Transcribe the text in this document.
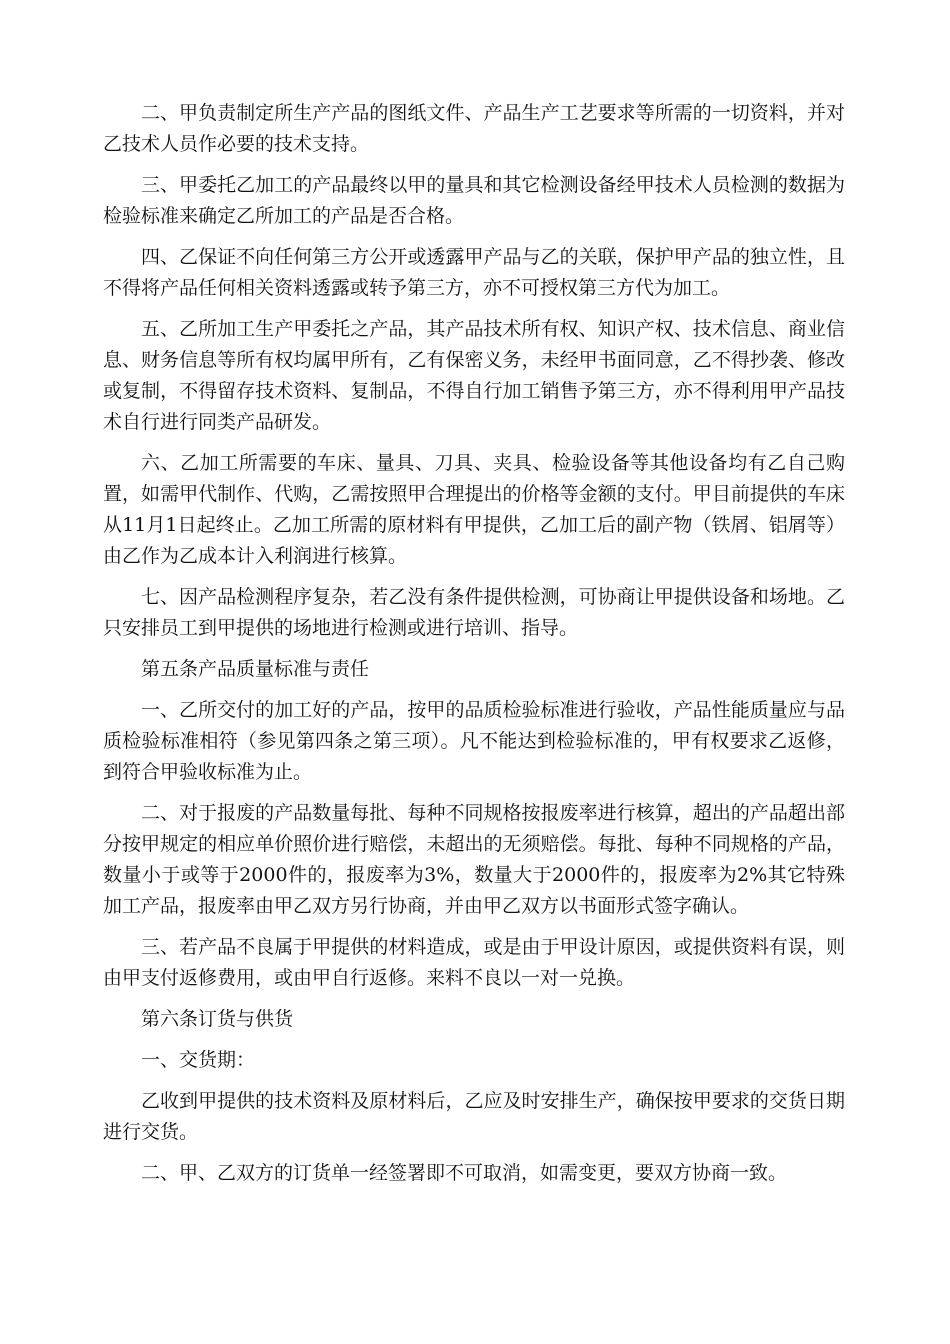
二、甲负责制定所生产产品的图纸文件、产品生产工艺要求等所需的一切资料，并对乙技术人员作必要的技术支持。

三、甲委托乙加工的产品最终以甲的量具和其它检测设备经甲技术人员检测的数据为检验标准来确定乙所加工的产品是否合格。

四、乙保证不向任何第三方公开或透露甲产品与乙的关联，保护甲产品的独立性，且不得将产品任何相关资料透露或转予第三方，亦不可授权第三方代为加工。

五、乙所加工生产甲委托之产品，其产品技术所有权、知识产权、技术信息、商业信息、财务信息等所有权均属甲所有，乙有保密义务，未经甲书面同意，乙不得抄袭、修改或复制，不得留存技术资料、复制品，不得自行加工销售予第三方，亦不得利用甲产品技术自行进行同类产品研发。

六、乙加工所需要的车床、量具、刀具、夹具、检验设备等其他设备均有乙自己购置，如需甲代制作、代购，乙需按照甲合理提出的价格等金额的支付。甲目前提供的车床从11月1日起终止。乙加工所需的原材料有甲提供，乙加工后的副产物（铁屑、铝屑等）由乙作为乙成本计入利润进行核算。

七、因产品检测程序复杂，若乙没有条件提供检测，可协商让甲提供设备和场地。乙只安排员工到甲提供的场地进行检测或进行培训、指导。

第五条产品质量标准与责任

一、乙所交付的加工好的产品，按甲的品质检验标准进行验收，产品性能质量应与品质检验标准相符（参见第四条之第三项）。凡不能达到检验标准的，甲有权要求乙返修，到符合甲验收标准为止。

二、对于报废的产品数量每批、每种不同规格按报废率进行核算，超出的产品超出部分按甲规定的相应单价照价进行赔偿，未超出的无须赔偿。每批、每种不同规格的产品，数量小于或等于2000件的，报废率为3%，数量大于2000件的，报废率为2%其它特殊加工产品，报废率由甲乙双方另行协商，并由甲乙双方以书面形式签字确认。

三、若产品不良属于甲提供的材料造成，或是由于甲设计原因，或提供资料有误，则由甲支付返修费用，或由甲自行返修。来料不良以一对一兑换。

第六条订货与供货

一、交货期：

乙收到甲提供的技术资料及原材料后，乙应及时安排生产，确保按甲要求的交货日期进行交货。

二、甲、乙双方的订货单一经签署即不可取消，如需变更，要双方协商一致。
